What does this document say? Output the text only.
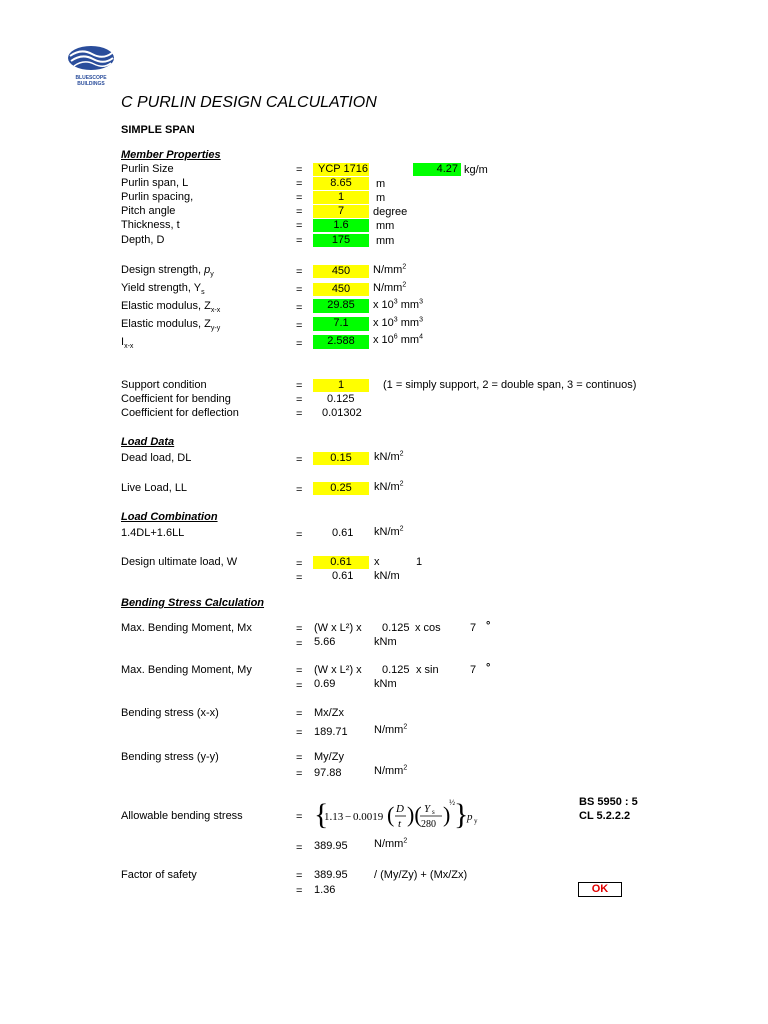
BLUESCOPE
BUILDINGS
C PURLIN DESIGN CALCULATION
SIMPLE SPAN
Member Properties
Purlin Size	=	YCP 1716	4.27 kg/m
Purlin span, L	=	8.65	m
Purlin spacing,	=	1	m
Pitch angle	=	7	degree
Thickness, t	=	1.6	mm
Depth, D	=	175	mm
Design strength, $p_y$	=	450	$N/mm^2$
Yield strength, $Y_s$	=	450	$N/mm^2$
Elastic modulus, $Z_{x-x}$	=	29.85	x $10^3$ $mm^3$
Elastic modulus, $Z_{y-y}$	=	7.1	x $10^3$ $mm^3$
$I_{x-x}$	=	2.588	x $10^6$ $mm^4$
Support condition	=	1	(1 = simply support, 2 = double span, 3 = continuos)
Coefficient for bending	= 0.125
Coefficient for deflection	= 0.01302
Load Data
Dead load, DL	=	0.15	$kN/m^2$
Live Load, LL	=	0.25	$kN/m^2$
Load Combination
1.4DL+1.6LL	=	0.61 $kN/m^2$
Design ultimate load, W	=	0.61	x	1
=	0.61 kN/m
Bending Stress Calculation
Max. Bending Moment, Mx	= (W x L²) x 0.125 x cos	7 °
= 5.66	kNm
Max. Bending Moment, My	= (W x L²) x 0.125 x sin	7 °
= 0.69	kNm
Bending stress (x-x)	= Mx/Zx
= 189.71 $N/mm^2$
Bending stress (y-y)	= My/Zy
= 97.88	$N/mm^2$
Allowable bending stress	= {
1.13 − 0.0019 ( D
t )( Y s
280 )
½ }
p y
BS 5950 : 5
CL 5.2.2.2
= 389.95 $N/mm^2$
Factor of safety	= 389.95 / (My/Zy) + (Mx/Zx)
= 1.36	OK
